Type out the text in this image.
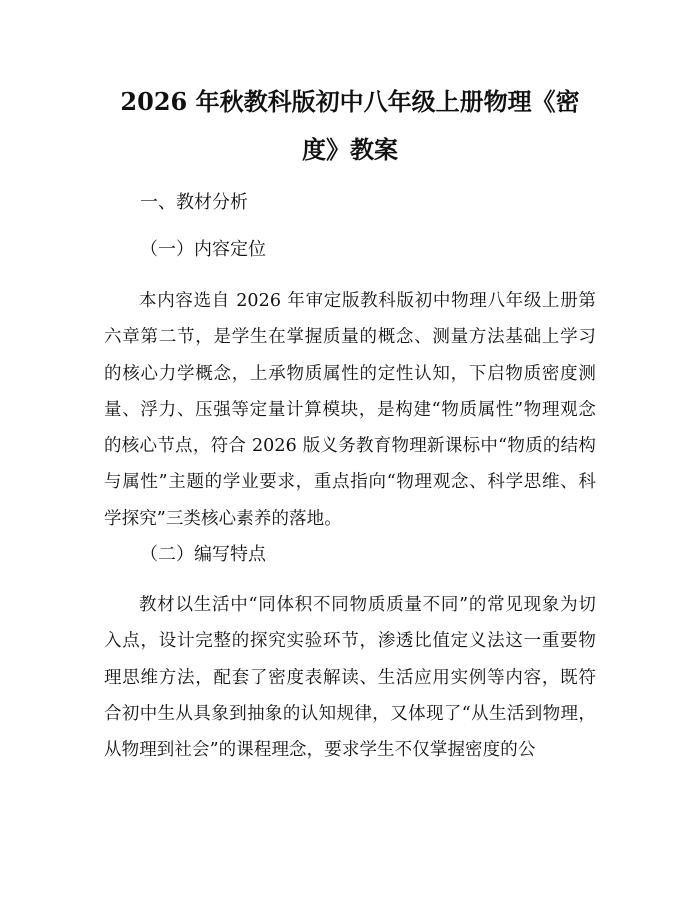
2026 年秋教科版初中八年级上册物理《密
度》教案
一、教材分析
（一）内容定位
本内容选自 2026 年审定版教科版初中物理八年级上册第六章第二节，是学生在掌握质量的概念、测量方法基础上学习的核心力学概念，上承物质属性的定性认知，下启物质密度测量、浮力、压强等定量计算模块，是构建“物质属性”物理观念的核心节点，符合 2026 版义务教育物理新课标中“物质的结构与属性”主题的学业要求，重点指向“物理观念、科学思维、科学探究”三类核心素养的落地。
（二）编写特点
教材以生活中“同体积不同物质质量不同”的常见现象为切入点，设计完整的探究实验环节，渗透比值定义法这一重要物理思维方法，配套了密度表解读、生活应用实例等内容，既符合初中生从具象到抽象的认知规律，又体现了“从生活到物理，从物理到社会”的课程理念，要求学生不仅掌握密度的公
